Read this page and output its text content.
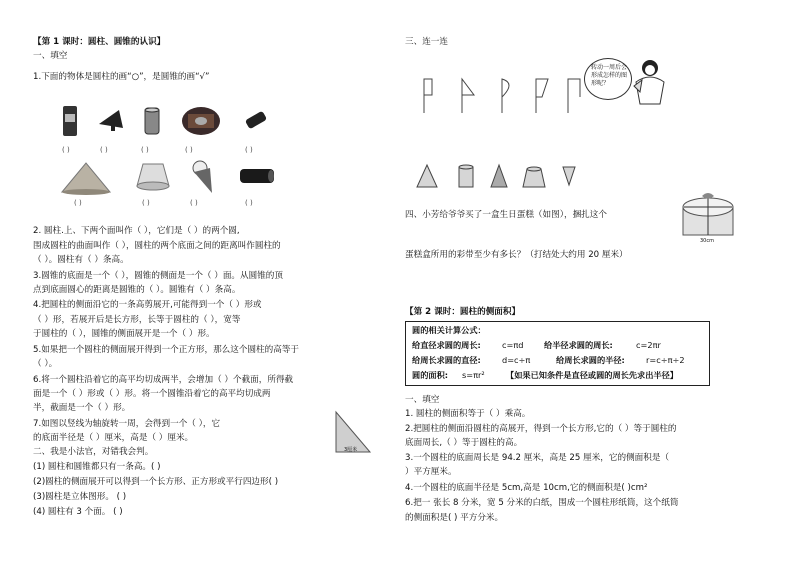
【第 1 课时：圆柱、圆锥的认识】
一、填空
1.下面的物体是圆柱的画“○”，是圆锥的画“√”
( )	( )	( )	( )	( )
( )	( )	( )	( )
2. 圆柱.上、下两个面叫作（ ），它们是（ ）的两个圆,
围成圆柱的曲面叫作（ ），圆柱的两个底面之间的距离叫作圆柱的
（ ）。圆柱有（ ）条高。
3.圆锥的底面是一个（ ），圆锥的侧面是一个（ ）面。从圆锥的顶
点到底面圆心的距离是圆锥的（ ）。圆锥有（ ）条高。
4.把圆柱的侧面沿它的一条高剪展开,可能得到一个（ ）形或
（ ）形，若展开后是长方形，长等于圆柱的（ ），宽等
于圆柱的（ ），圆锥的侧面展开是一个（ ）形。
5.如果把一个圆柱的侧面展开得到一个正方形，那么这个圆柱的高等于
（ ）。
6.将一个圆柱沿着它的高平均切成两半，会增加（ ）个截面，所得截
面是一个（ ）形或（ ）形。将一个圆锥沿着它的高平均切成两
半，截面是一个（ ）形。
7.如图以竖线为轴旋转一周，会得到一个（ ），它
的底面半径是（ ）厘米，高是（ ）厘米。
3厘米
二、我是小法官，对错我会判。
(1) 圆柱和圆锥都只有一条高。( )
(2)圆柱的侧面展开可以得到一个长方形、正方形或平行四边形( )
(3)圆柱是立体图形。 ( )
(4) 圆柱有 3 个面。 ( )
三、连一连
转动一周后会
形成怎样的图
形呢？
四、小芳给爷爷买了一盒生日蛋糕（如图），捆扎这个
蛋糕盒所用的彩带至少有多长？（打结处大约用 20 厘米）
30cm
【第 2 课时：圆柱的侧面积】
圆的相关计算公式：
给直径求圆的周长:	c=πd	给半径求圆的周长:	c=2πr
给周长求圆的直径:	d=c÷π	给周长求圆的半径:	r=c÷π÷2
圆的面积: s=πr²	【如果已知条件是直径或圆的周长先求出半径】
一、填空
1. 圆柱的侧面积等于（ ）乘高。
2.把圆柱的侧面沿圆柱的高展开，得到一个长方形,它的（ ）等于圆柱的
底面周长,（ ）等于圆柱的高。
3.一个圆柱的底面周长是 94.2 厘米，高是 25 厘米，它的侧面积是（
）平方厘米。
4.一个圆柱的底面半径是 5cm,高是 10cm,它的侧面积是( )cm²
6.把一 张长 8 分米，宽 5 分米的白纸，围成一个圆柱形纸筒，这个纸筒
的侧面积是( ) 平方分米。
